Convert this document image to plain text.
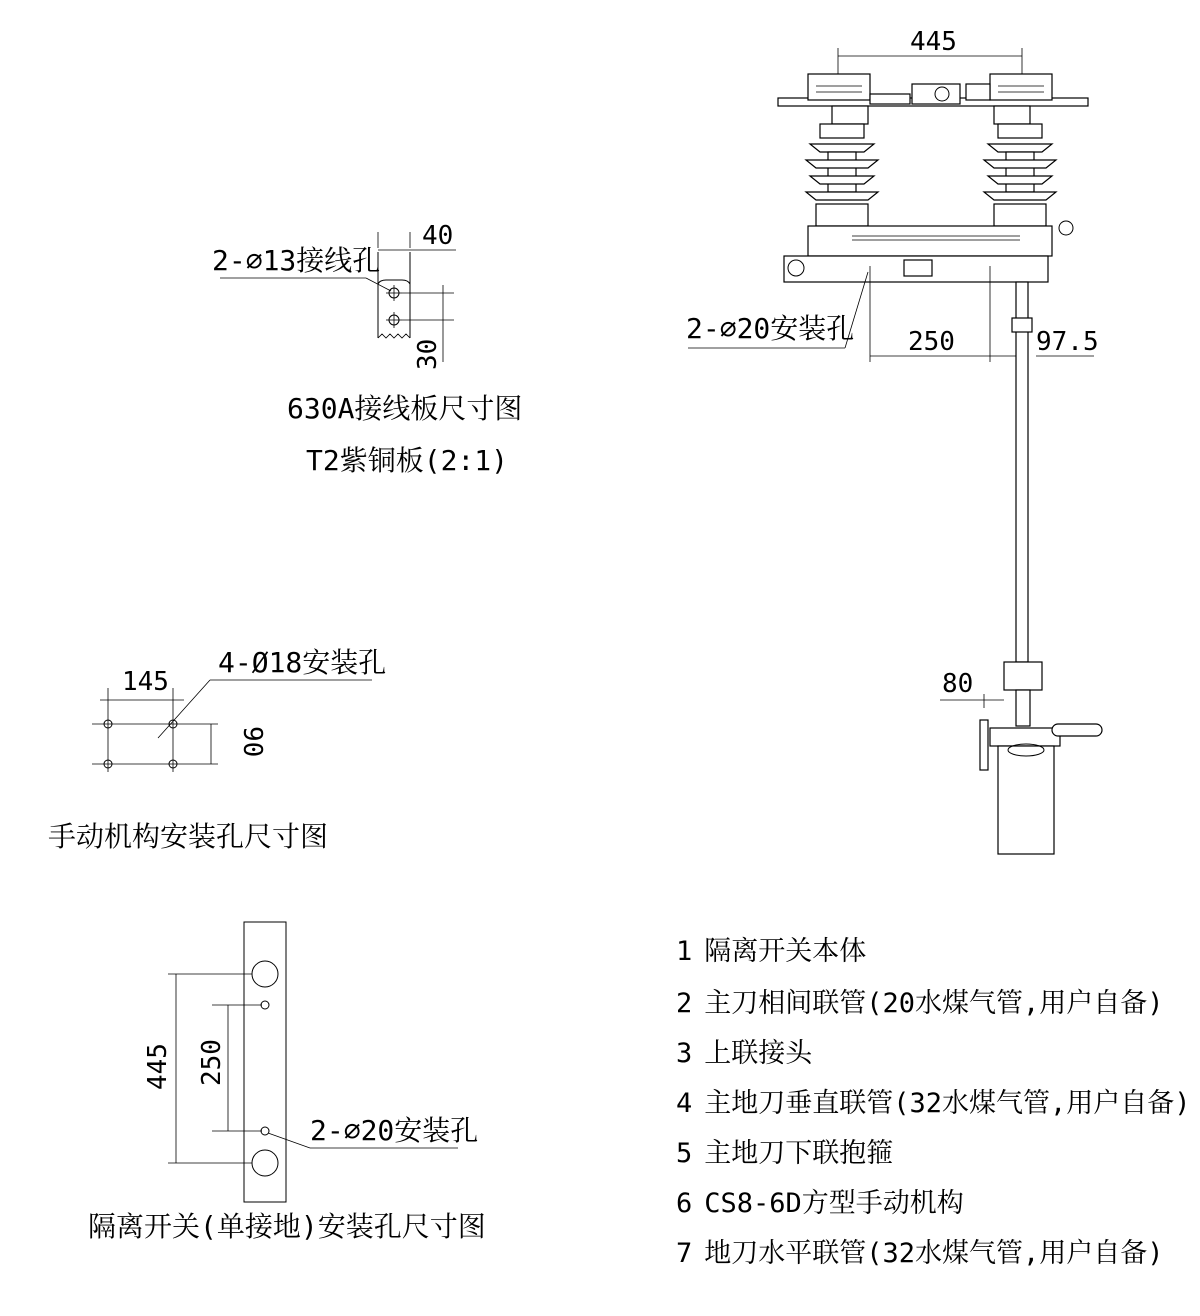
40
30
2-∅13接线孔
630A接线板尺寸图
T2紫铜板(2:1)
145
90
4-Ø18安装孔
手动机构安装孔尺寸图
445 250
2-∅20安装孔
隔离开关(单接地)安装孔尺寸图
445
250	97.5
2-∅20安装孔
80
1 隔离开关本体
2 主刀相间联管(20水煤气管,用户自备)
3 上联接头
4 主地刀垂直联管(32水煤气管,用户自备)
5 主地刀下联抱箍
6 CS8-6D方型手动机构
7 地刀水平联管(32水煤气管,用户自备)
